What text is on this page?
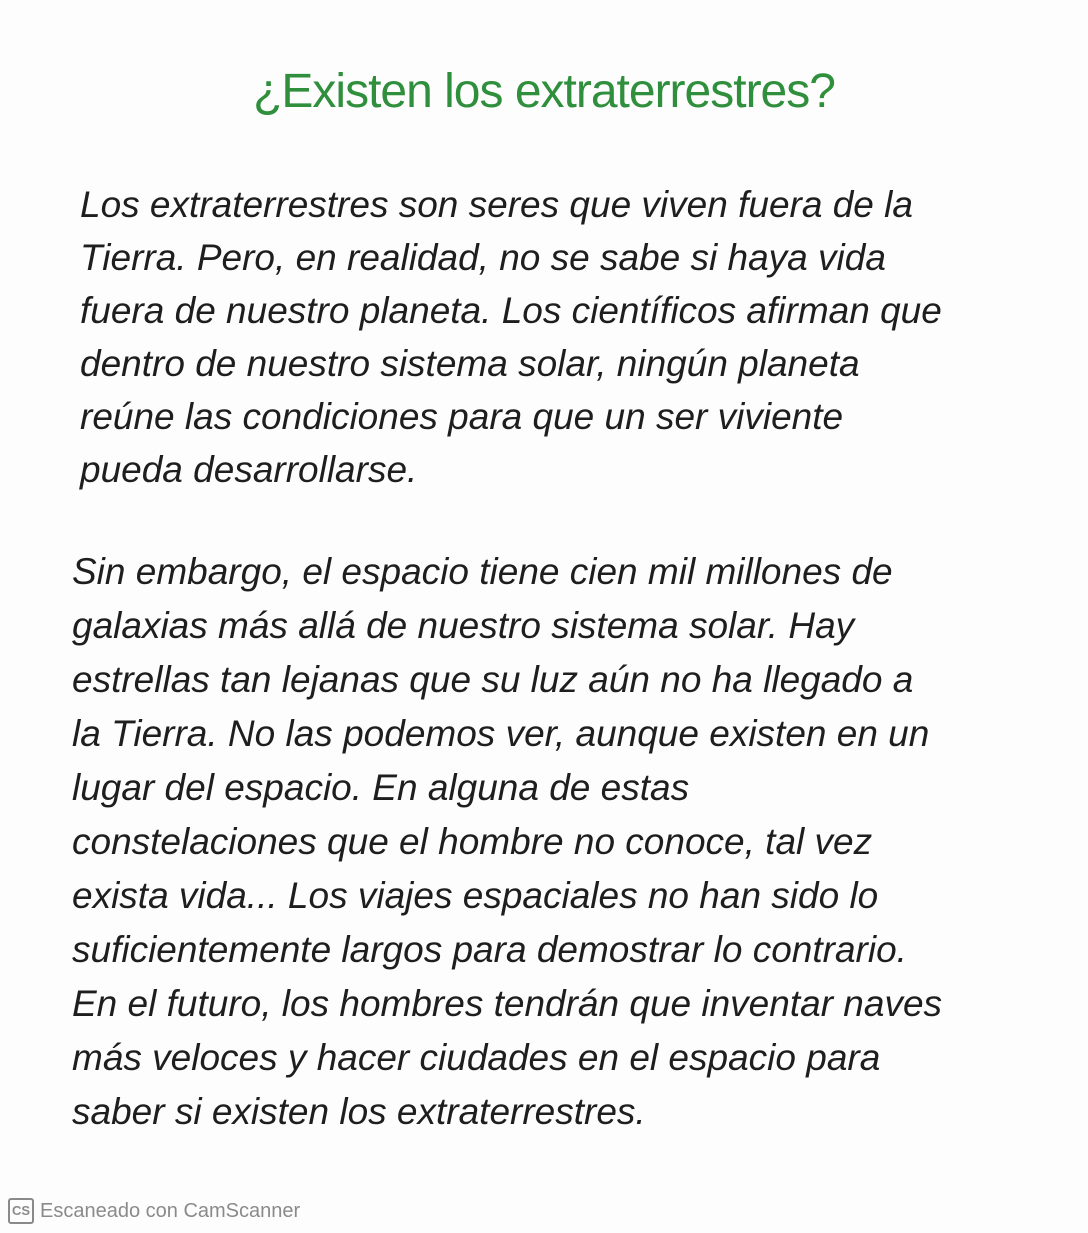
¿Existen los extraterrestres?

Los extraterrestres son seres que viven fuera de la
Tierra. Pero, en realidad, no se sabe si haya vida
fuera de nuestro planeta. Los científicos afirman que
dentro de nuestro sistema solar, ningún planeta
reúne las condiciones para que un ser viviente
pueda desarrollarse.

Sin embargo, el espacio tiene cien mil millones de
galaxias más allá de nuestro sistema solar. Hay
estrellas tan lejanas que su luz aún no ha llegado a
la Tierra. No las podemos ver, aunque existen en un
lugar del espacio. En alguna de estas
constelaciones que el hombre no conoce, tal vez
exista vida... Los viajes espaciales no han sido lo
suficientemente largos para demostrar lo contrario.
En el futuro, los hombres tendrán que inventar naves
más veloces y hacer ciudades en el espacio para
saber si existen los extraterrestres.

CS Escaneado con CamScanner
